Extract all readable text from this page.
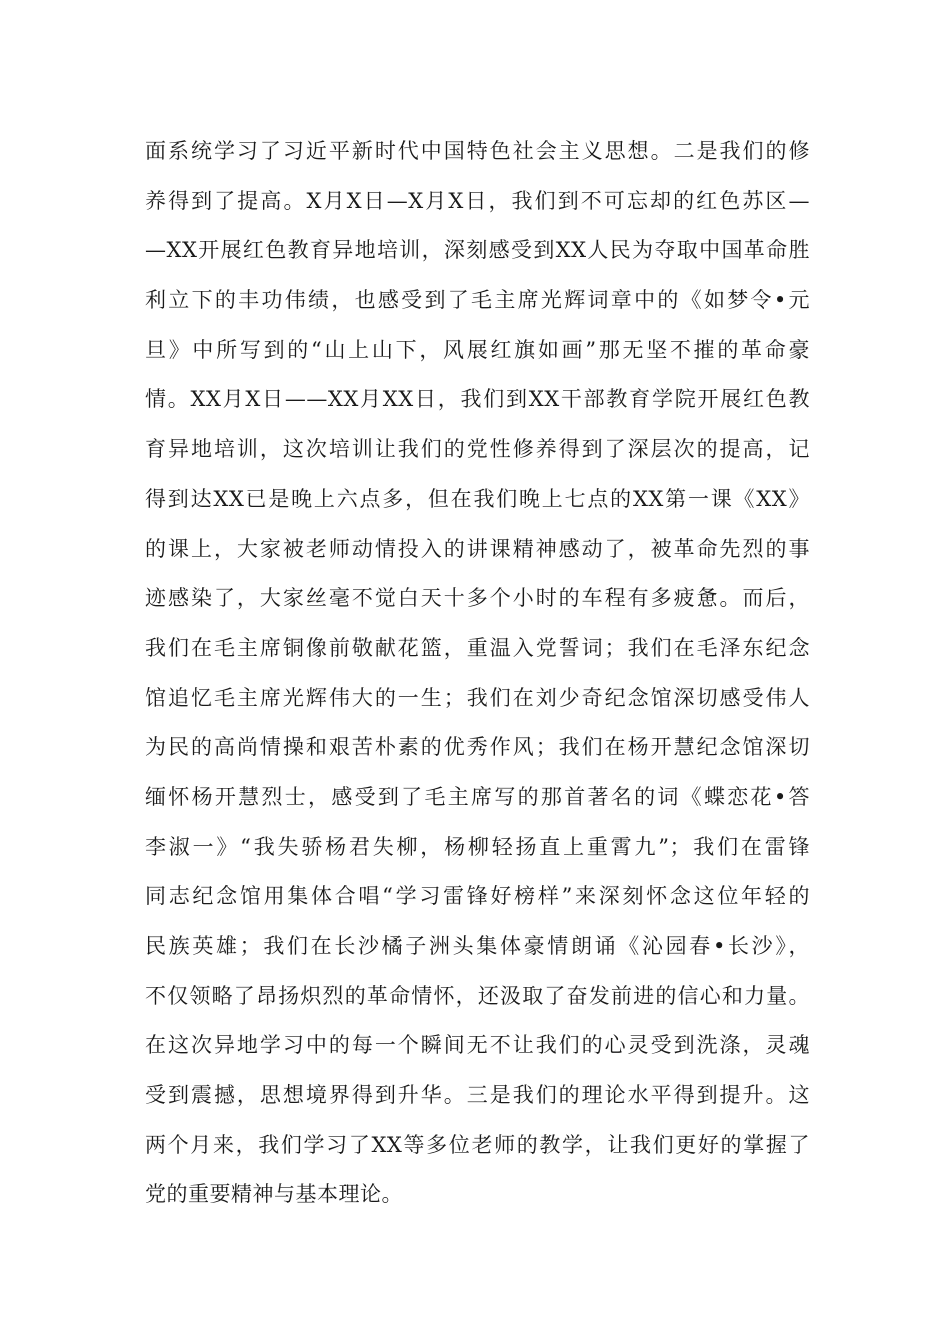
面系统学习了习近平新时代中国特色社会主义思想。二是我们的修
养得到了提高。X月X日—X月X日，我们到不可忘却的红色苏区—
—XX开展红色教育异地培训，深刻感受到XX人民为夺取中国革命胜
利立下的丰功伟绩，也感受到了毛主席光辉词章中的《如梦令•元
旦》中所写到的“山上山下，风展红旗如画”那无坚不摧的革命豪
情。XX月X日——XX月XX日，我们到XX干部教育学院开展红色教
育异地培训，这次培训让我们的党性修养得到了深层次的提高，记
得到达XX已是晚上六点多，但在我们晚上七点的XX第一课《XX》
的课上，大家被老师动情投入的讲课精神感动了，被革命先烈的事
迹感染了，大家丝毫不觉白天十多个小时的车程有多疲惫。而后，
我们在毛主席铜像前敬献花篮，重温入党誓词；我们在毛泽东纪念
馆追忆毛主席光辉伟大的一生；我们在刘少奇纪念馆深切感受伟人
为民的高尚情操和艰苦朴素的优秀作风；我们在杨开慧纪念馆深切
缅怀杨开慧烈士，感受到了毛主席写的那首著名的词《蝶恋花•答
李淑一》“我失骄杨君失柳，杨柳轻扬直上重霄九”；我们在雷锋
同志纪念馆用集体合唱“学习雷锋好榜样”来深刻怀念这位年轻的
民族英雄；我们在长沙橘子洲头集体豪情朗诵《沁园春•长沙》，
不仅领略了昂扬炽烈的革命情怀，还汲取了奋发前进的信心和力量。
在这次异地学习中的每一个瞬间无不让我们的心灵受到洗涤，灵魂
受到震撼，思想境界得到升华。三是我们的理论水平得到提升。这
两个月来，我们学习了XX等多位老师的教学，让我们更好的掌握了
党的重要精神与基本理论。
